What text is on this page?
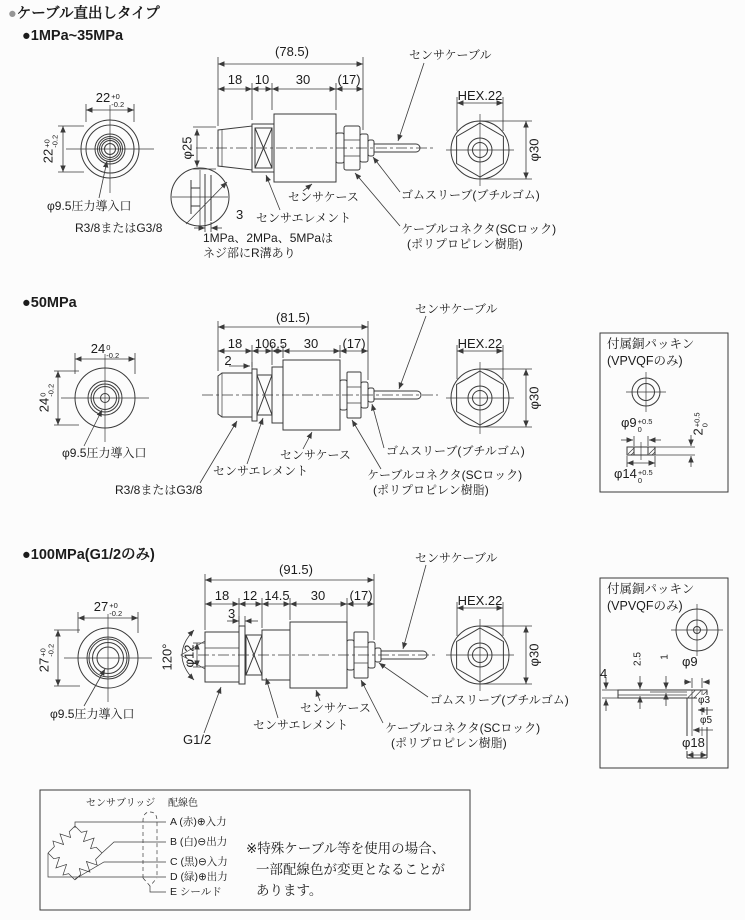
●ケーブル直出しタイプ
●1MPa~35MPa
●50MPa
●100MPa(G1/2のみ)
(78.5)
18 10 30 (17)
22 +0
-0.2
22
+0
-0.2	φ25
φ9.5圧力導入口
R3/8またはG3/8
3
1MPa、2MPa、5MPaは
ネジ部にR溝あり
センサケース
センサエレメント
センサケーブル
ゴムスリーブ(ブチルゴム)
ケーブルコネクタ(SCロック)
(ポリプロピレン樹脂)
HEX.22
φ30
(81.5)
18 10 6.5 30 (17)
2
24 0
-0.2
24
0
-0.2
φ9.5圧力導入口
R3/8またはG3/8
センサケース
センサエレメント
センサケーブル
ゴムスリーブ(ブチルゴム)
ケーブルコネクタ(SCロック)
(ポリプロピレン樹脂)
HEX.22
φ30
付属銅パッキン
(VPVQFのみ)
φ9 +0.5
0	2
+0.5
0
φ14 +0.5
0
(91.5)
18 12 14.5 30 (17)
3
27 +0
-0.2
27
+0
-0.2	120° φ12
φ9.5圧力導入口
G1/2
センサケース
センサエレメント
センサケーブル
ゴムスリーブ(ブチルゴム)
ケーブルコネクタ(SCロック)
(ポリプロピレン樹脂)
HEX.22
φ30
付属銅パッキン
(VPVQFのみ)
2.5 1 φ9
4
φ3
φ5
φ18
センサブリッジ 配線色
A (赤)⊕入力
B (白)⊖出力
C (黒)⊖入力
D (緑)⊕出力
E シールド
※特殊ケーブル等を使用の場合、
一部配線色が変更となることが
あります。
